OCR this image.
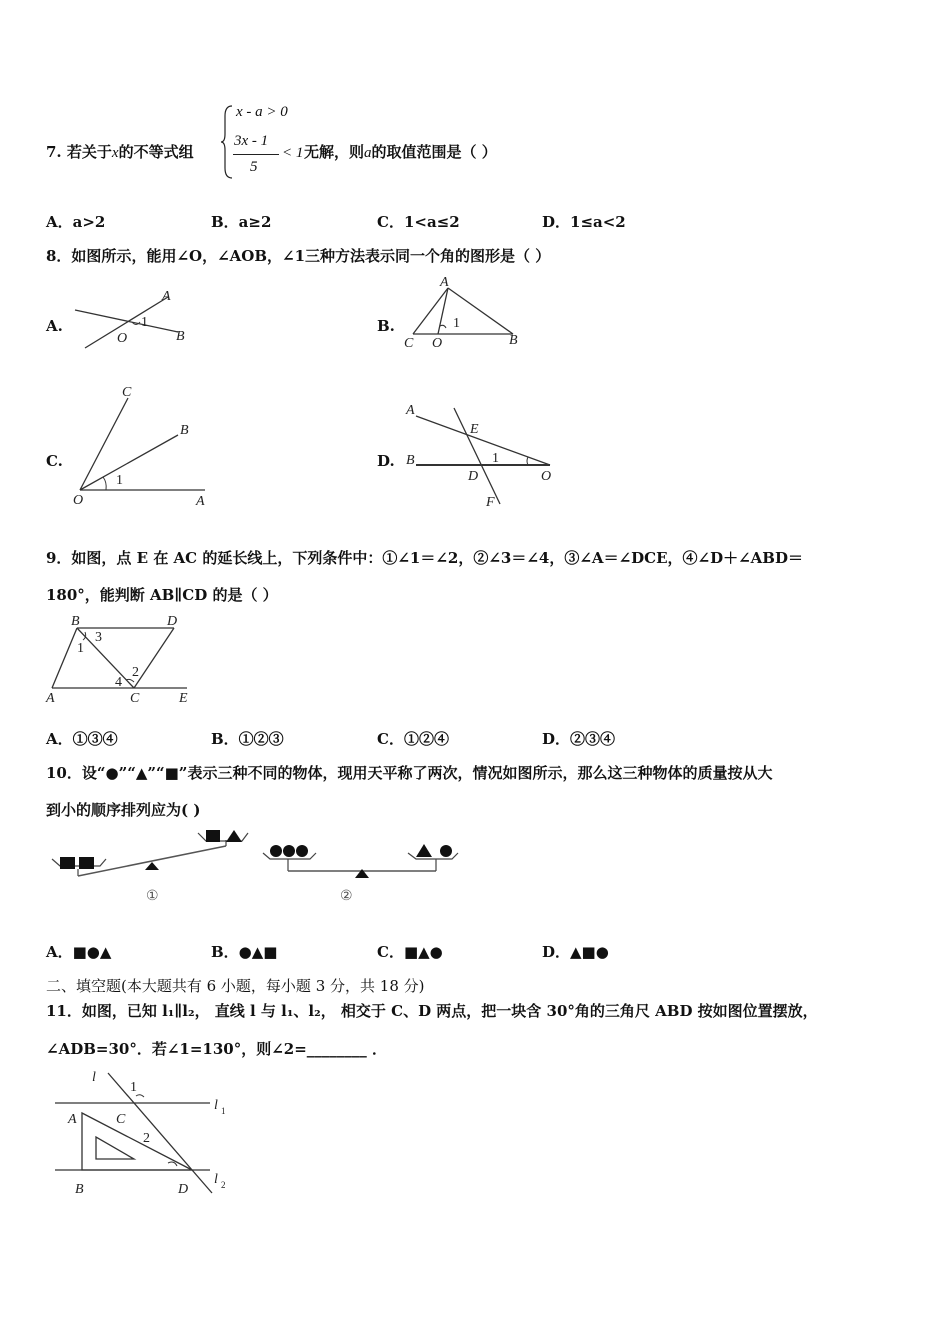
7. 若关于x的不等式组
x - a > 0
3x - 1
5
< 1 无解，则a的取值范围是（ ）
A．a>2	B．a≥2	C．1<a≤2	D．1≤a<2
8．如图所示，能用∠O，∠AOB，∠1三种方法表示同一个角的图形是（ ）
A.
A
B
O
1	B.
A
C O	B
1
C.
C
B
O	A
1
D.
A
E
B
D	O
F
1
9．如图，点 E 在 AC 的延长线上，下列条件中：①∠1＝∠2，②∠3＝∠4，③∠A＝∠DCE，④∠D＋∠ABD＝
180°，能判断 AB∥CD 的是（ ）
B	D
A	C	E
3
1
2
4
A．①③④	B．①②③	C．①②④	D．②③④
10．设“●”“▲”“■”表示三种不同的物体，现用天平称了两次，情况如图所示，那么这三种物体的质量按从大
到小的顺序排列应为( )
①	②
A．■●▲	B．●▲■	C．■▲●	D．▲■●
二、填空题(本大题共有 6 小题，每小题 3 分，共 18 分)
11．如图，已知 l₁∥l₂， 直线 l 与 l₁、l₂， 相交于 C、D 两点，把一块含 30°角的三角尺 ABD 按如图位置摆放，
∠ADB=30°．若∠1=130°，则∠2=________ ．
l
1
l 1
l 2
A	C
2
B	D
